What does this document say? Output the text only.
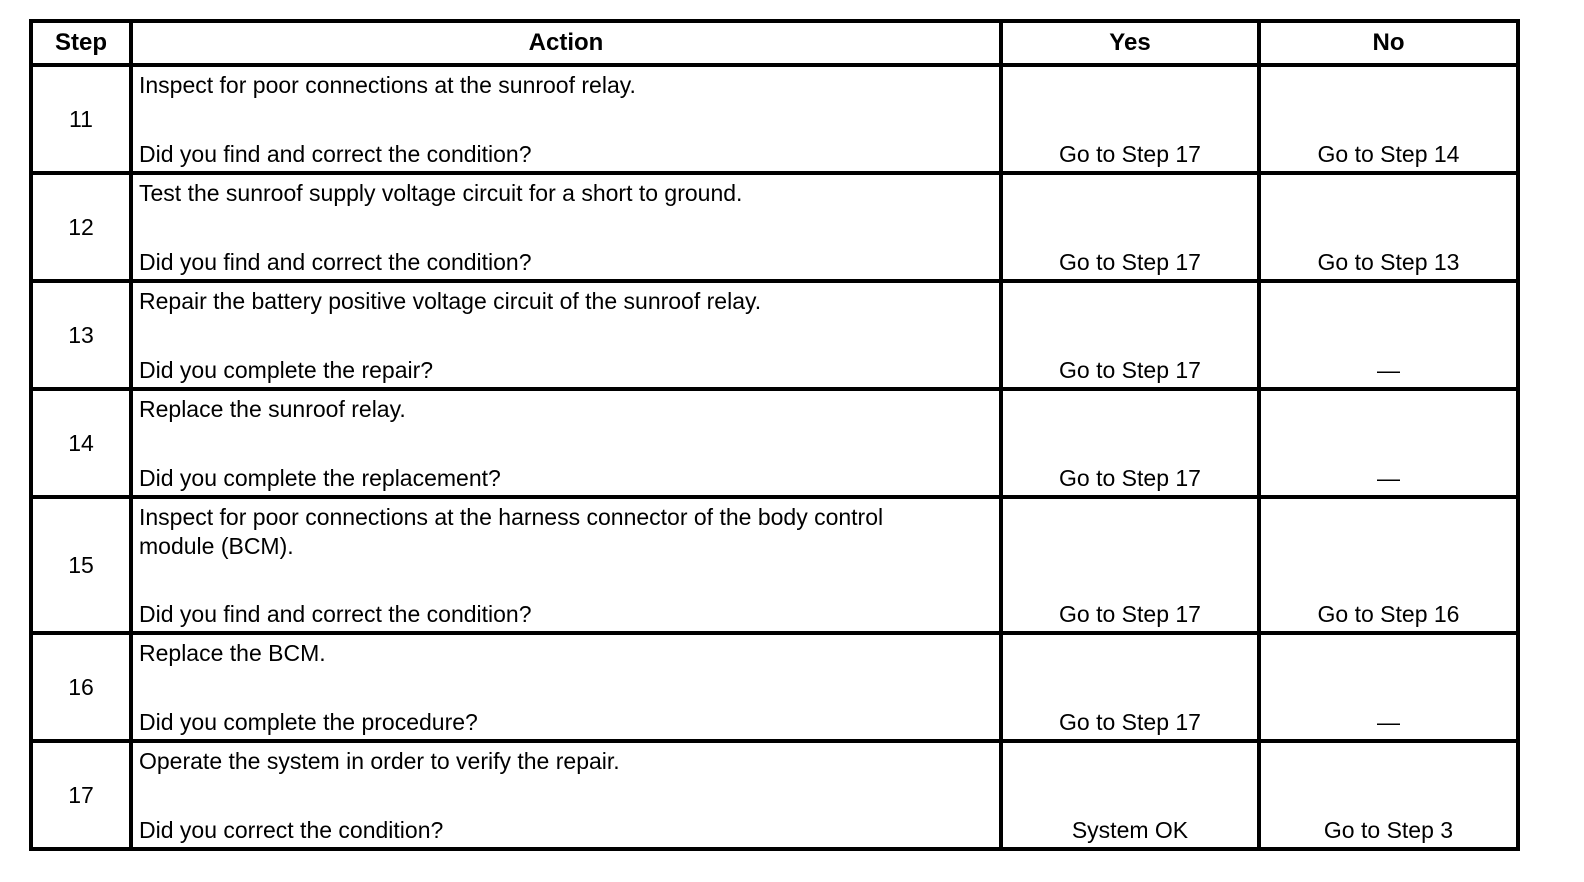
Step	Action	Yes	No
11	Inspect for poor connections at the sunroof relay.
Did you find and correct the condition?	Go to Step 17	Go to Step 14

12	Test the sunroof supply voltage circuit for a short to ground.
Did you find and correct the condition?	Go to Step 17	Go to Step 13

13	Repair the battery positive voltage circuit of the sunroof relay.
Did you complete the repair?	Go to Step 17	—

14	Replace the sunroof relay.
Did you complete the replacement?	Go to Step 17	—

15	Inspect for poor connections at the harness connector of the body control module (BCM).
Did you find and correct the condition?	Go to Step 17	Go to Step 16

16	Replace the BCM.
Did you complete the procedure?	Go to Step 17	—

17	Operate the system in order to verify the repair.
Did you correct the condition?	System OK	Go to Step 3
